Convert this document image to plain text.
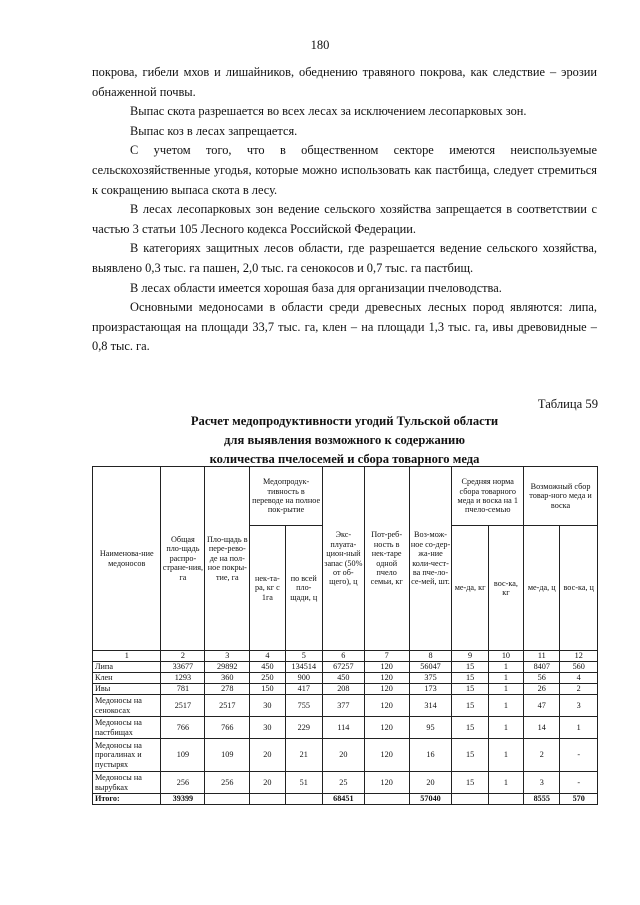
180

покрова, гибели мхов и лишайников, обеднению травяного покрова, как следствие – эрозии обнаженной почвы.

Выпас скота разрешается во всех лесах за исключением лесопарковых зон.

Выпас коз в лесах запрещается.

С учетом того, что в общественном секторе имеются неиспользуемые сельскохозяйственные угодья, которые можно использовать как пастбища, следует стремиться к сокращению выпаса скота в лесу.

В лесах лесопарковых зон ведение сельского хозяйства запрещается в соответствии с частью 3 статьи 105 Лесного кодекса Российской Федерации.

В категориях защитных лесов области, где разрешается ведение сельского хозяйства, выявлено 0,3 тыс. га пашен, 2,0 тыс. га сенокосов и 0,7 тыс. га пастбищ.

В лесах области имеется хорошая база для организации пчеловодства.

Основными медоносами в области среди древесных лесных пород являются: липа, произрастающая на площади 33,7 тыс. га, клен – на площади 1,3 тыс. га, ивы древовидные – 0,8 тыс. га.

Таблица 59
Расчет медопродуктивности угодий Тульской области
для выявления возможного к содержанию
количества пчелосемей и сбора товарного меда
Наименова-ние медоносов	Общая пло-щадь распро-стране-ния, га	Пло-щадь в пере-рево-де на пол-ное покры-тие, га	Медопродук-тивность в переводе на полное пок-рытие		Экс-плуата-цион-ный запас (50% от об-щего), ц	Пот-реб-ность в нек-таре одной пчело семьи, кг	Воз-мож-ное со-дер-жа-ние коли-чест-ва пче-ло-се-мей, шт.	Средняя норма сбора товарного меда и воска на 1 пчело-семью		Возможный сбор товар-ного меда и воска	
			нек-та-ра, кг с 1га	по всей пло-щади, ц				ме-да, кг	вос-ка, кг	ме-да, ц	вос-ка, ц
1	2	3	4	5	6	7	8	9	10	11	12
Липа	33677	29892	450	134514	67257	120	56047	15	1	8407	560
Клен	1293	360	250	900	450	120	375	15	1	56	4
Ивы	781	278	150	417	208	120	173	15	1	26	2
Медоносы на сенокосах	2517	2517	30	755	377	120	314	15	1	47	3
Медоносы на пастбищах	766	766	30	229	114	120	95	15	1	14	1
Медоносы на прогалинах и пустырях	109	109	20	21	20	120	16	15	1	2	-
Медоносы на вырубках	256	256	20	51	25	120	20	15	1	3	-
Итого:	39399				68451		57040			8555	570
